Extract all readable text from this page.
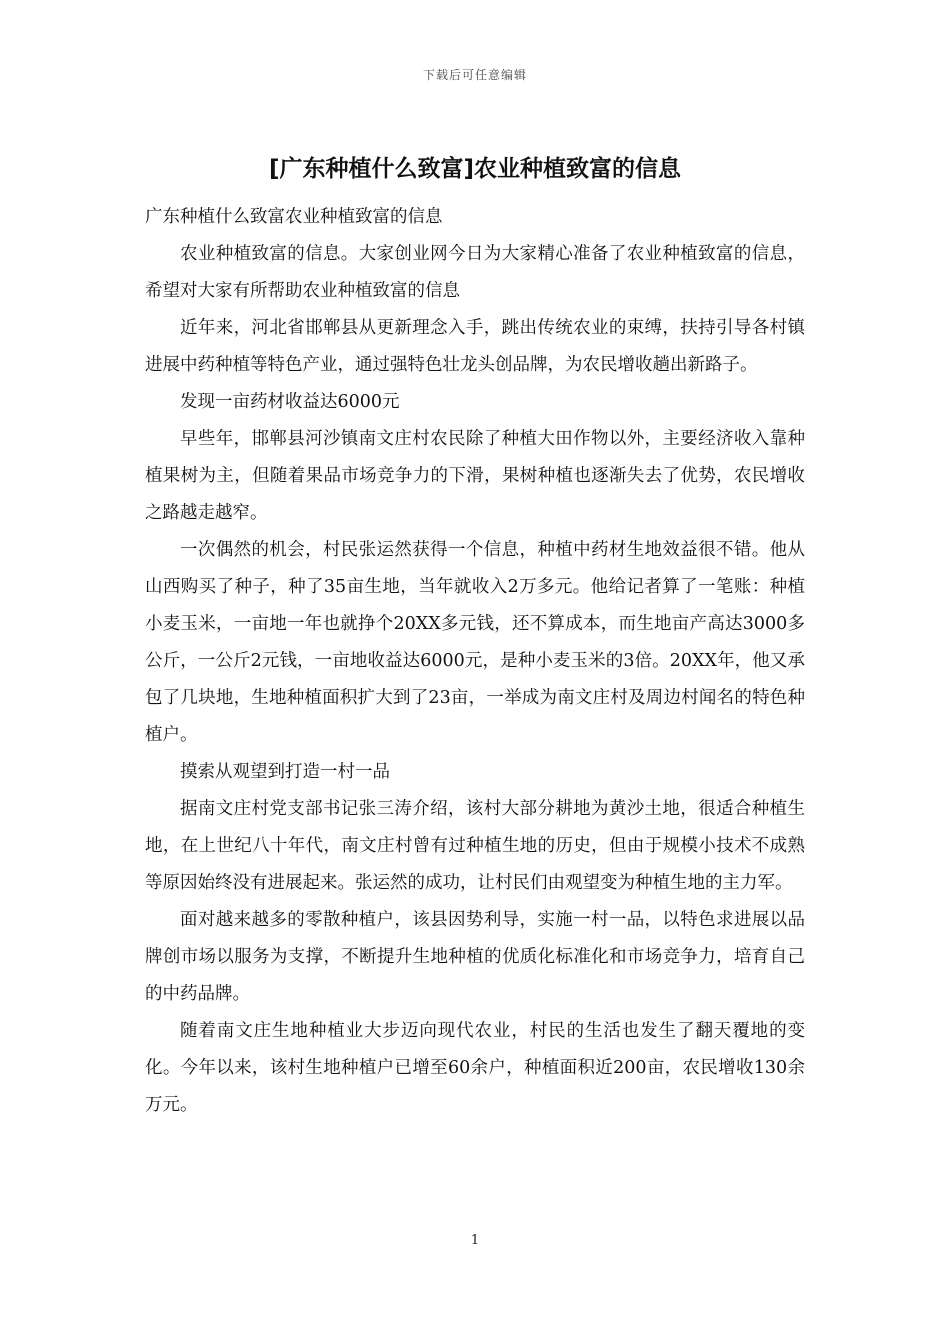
下载后可任意编辑
[广东种植什么致富]农业种植致富的信息

广东种植什么致富农业种植致富的信息

农业种植致富的信息。大家创业网今日为大家精心准备了农业种植致富的信息，希望对大家有所帮助农业种植致富的信息

近年来，河北省邯郸县从更新理念入手，跳出传统农业的束缚，扶持引导各村镇进展中药种植等特色产业，通过强特色壮龙头创品牌，为农民增收趟出新路子。

发现一亩药材收益达6000元

早些年，邯郸县河沙镇南文庄村农民除了种植大田作物以外，主要经济收入靠种植果树为主，但随着果品市场竞争力的下滑，果树种植也逐渐失去了优势，农民增收之路越走越窄。

一次偶然的机会，村民张运然获得一个信息，种植中药材生地效益很不错。他从山西购买了种子，种了35亩生地，当年就收入2万多元。他给记者算了一笔账：种植小麦玉米，一亩地一年也就挣个20XX多元钱，还不算成本，而生地亩产高达3000多公斤，一公斤2元钱，一亩地收益达6000元，是种小麦玉米的3倍。20XX年，他又承包了几块地，生地种植面积扩大到了23亩，一举成为南文庄村及周边村闻名的特色种植户。

摸索从观望到打造一村一品

据南文庄村党支部书记张三涛介绍，该村大部分耕地为黄沙土地，很适合种植生地，在上世纪八十年代，南文庄村曾有过种植生地的历史，但由于规模小技术不成熟等原因始终没有进展起来。张运然的成功，让村民们由观望变为种植生地的主力军。

面对越来越多的零散种植户，该县因势利导，实施一村一品，以特色求进展以品牌创市场以服务为支撑，不断提升生地种植的优质化标准化和市场竞争力，培育自己的中药品牌。

随着南文庄生地种植业大步迈向现代农业，村民的生活也发生了翻天覆地的变化。今年以来，该村生地种植户已增至60余户，种植面积近200亩，农民增收130余万元。

1
